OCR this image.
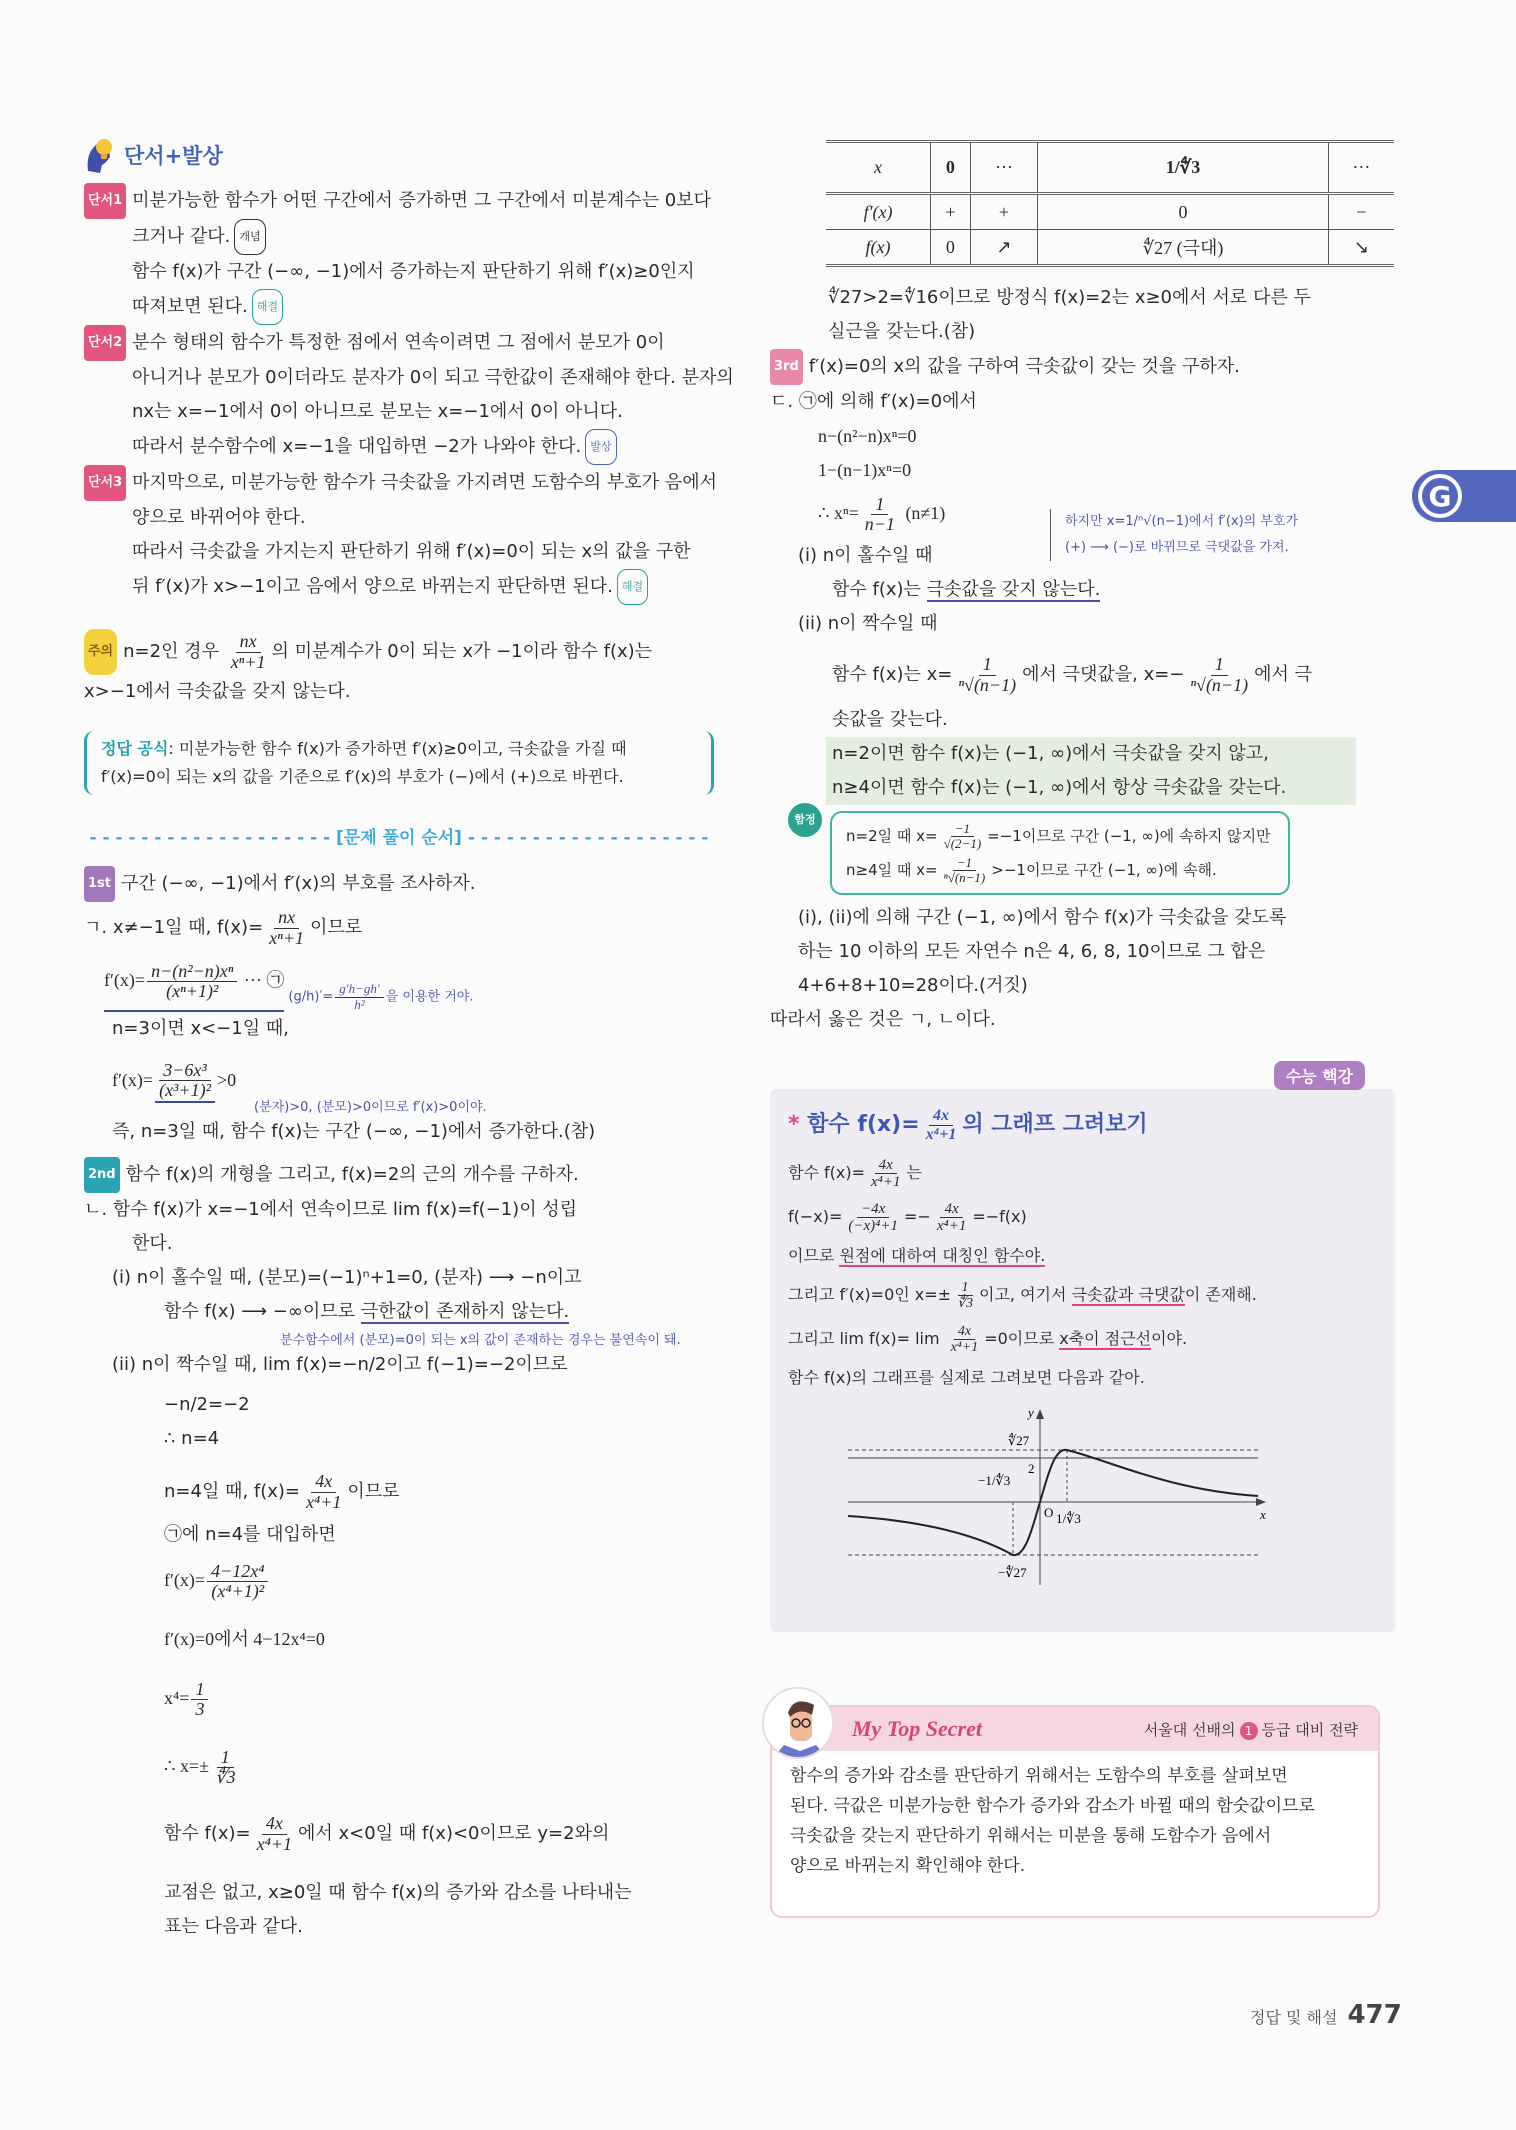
G
단서+발상
단서1 미분가능한 함수가 어떤 구간에서 증가하면 그 구간에서 미분계수는 0보다
크거나 같다. 개념
함수 f(x)가 구간 (−∞, −1)에서 증가하는지 판단하기 위해 f′(x)≥0인지
따져보면 된다. 해결
단서2 분수 형태의 함수가 특정한 점에서 연속이려면 그 점에서 분모가 0이
아니거나 분모가 0이더라도 분자가 0이 되고 극한값이 존재해야 한다. 분자의
nx는 x=−1에서 0이 아니므로 분모는 x=−1에서 0이 아니다.
따라서 분수함수에 x=−1을 대입하면 −2가 나와야 한다. 발상
단서3 마지막으로, 미분가능한 함수가 극솟값을 가지려면 도함수의 부호가 음에서
양으로 바뀌어야 한다.
따라서 극솟값을 가지는지 판단하기 위해 f′(x)=0이 되는 x의 값을 구한
뒤 f′(x)가 x>−1이고 음에서 양으로 바뀌는지 판단하면 된다. 해결
주의 n=2인 경우 $\frac{nx}{\text{xⁿ+1}}$ 의 미분계수가 0이 되는 x가 −1이라 함수 f(x)는
x>−1에서 극솟값을 갖지 않는다.
정답 공식: 미분가능한 함수 f(x)가 증가하면 f′(x)≥0이고, 극솟값을 가질 때
f′(x)=0이 되는 x의 값을 기준으로 f′(x)의 부호가 (−)에서 (+)으로 바뀐다.
- - - - - - - - - - - - - - - - - - - [문제 풀이 순서] - - - - - - - - - - - - - - - - - - -
1st 구간 (−∞, −1)에서 f′(x)의 부호를 조사하자.
ㄱ. x≠−1일 때, $f(x)= \frac{nx}{\text{xⁿ+1}}$ 이므로
$f'(x)= \frac{\text{n−(n²−n)xⁿ}}{\text{(xⁿ+1)²}}$ ··· ㉠
$(g/h)'= \frac{g'h-gh'}{\text{h²}}$ 을 이용한 거야.
n=3이면 x<−1일 때,
$f'(x)= \frac{\text{3−6x³}}{\text{(x³+1)²}} >0$
(분자)>0, (분모)>0이므로 f′(x)>0이야.
즉, n=3일 때, 함수 f(x)는 구간 (−∞, −1)에서 증가한다.(참)
2nd 함수 f(x)의 개형을 그리고, f(x)=2의 근의 개수를 구하자.
ㄴ. 함수 f(x)가 x=−1에서 연속이므로 lim f(x)=f(−1)이 성립
한다.
(i) n이 홀수일 때, (분모)=(−1)ⁿ+1=0, (분자) ⟶ −n이고
함수 f(x) ⟶ −∞이므로 극한값이 존재하지 않는다.
분수함수에서 (분모)=0이 되는 x의 값이 존재하는 경우는 불연속이 돼.
(ii) n이 짝수일 때, lim f(x)=−n/2이고 f(−1)=−2이므로
−n/2=−2
∴ n=4
n=4일 때, $f(x)= \frac{4x}{\text{x⁴+1}}$ 이므로
㉠에 n=4를 대입하면
$f'(x)= \frac{\text{4−12x⁴}}{\text{(x⁴+1)²}}$
f′(x)=0에서 4−12x⁴=0
$x^4= \frac{1}{3}$
∴ $x=\pm \frac{1}{∜3}$
함수 $f(x)= \frac{4x}{\text{x⁴+1}}$ 에서 x<0일 때 f(x)<0이므로 y=2와의
교점은 없고, x≥0일 때 함수 f(x)의 증가와 감소를 나타내는
표는 다음과 같다.
x	0	···	1/∜3	···
f′(x)	+	+	0	−
f(x)	0	↗	∜27 (극대)	↘
∜27>2=∜16이므로 방정식 f(x)=2는 x≥0에서 서로 다른 두
실근을 갖는다.(참)
3rd f′(x)=0의 x의 값을 구하여 극솟값이 갖는 것을 구하자.
ㄷ. ㉠에 의해 f′(x)=0에서
n−(n²−n)xⁿ=0
1−(n−1)xⁿ=0
∴ $x^n= \frac{1}{n-1} (n\ne 1)$	하지만 x=1/ⁿ√(n−1)에서 f′(x)의 부호가
(+) ⟶ (−)로 바뀌므로 극댓값을 가져.
(i) n이 홀수일 때
함수 f(x)는 극솟값을 갖지 않는다.
(ii) n이 짝수일 때
함수 f(x)는 $x= \frac{1}{\text{ⁿ√(n−1)}}$ 에서 극댓값을, $x=- \frac{1}{\text{ⁿ√(n−1)}}$ 에서 극
솟값을 갖는다.
n=2이면 함수 f(x)는 (−1, ∞)에서 극솟값을 갖지 않고,
n≥4이면 함수 f(x)는 (−1, ∞)에서 항상 극솟값을 갖는다.
함정
n=2일 때 $x= \frac{-1}{√(2-1)} =-1$이므로 구간 (−1, ∞)에 속하지 않지만
n≥4일 때 $x= \frac{-1}{\text{ⁿ√(n−1)}} >-1$이므로 구간 (−1, ∞)에 속해.
(i), (ii)에 의해 구간 (−1, ∞)에서 함수 f(x)가 극솟값을 갖도록
하는 10 이하의 모든 자연수 n은 4, 6, 8, 10이므로 그 합은
4+6+8+10=28이다.(거짓)
따라서 옳은 것은 ㄱ, ㄴ이다.
수능 핵강
* 함수 $f(x)= \frac{4x}{\text{x⁴+1}}$ 의 그래프 그려보기
함수 $f(x)= \frac{4x}{\text{x⁴+1}}$ 는
$f(-x)= \frac{-4x}{\text{(−x)⁴+1}} =- \frac{4x}{\text{x⁴+1}} =-f(x)$
이므로 원점에 대하여 대칭인 함수야.
그리고 f′(x)=0인 $x=\pm \frac{1}{∜3}$ 이고, 여기서 극솟값과 극댓값이 존재해.
그리고 $\lim f(x)= \lim \frac{4x}{\text{x⁴+1}} =0$이므로 x축이 점근선이야.
함수 f(x)의 그래프를 실제로 그려보면 다음과 같아.
y
x
∜27
2
−1/∜3
O 1/∜3
−∜27
My Top Secret	서울대 선배의 1 등급 대비 전략
함수의 증가와 감소를 판단하기 위해서는 도함수의 부호를 살펴보면
된다. 극값은 미분가능한 함수가 증가와 감소가 바뀔 때의 함숫값이므로
극솟값을 갖는지 판단하기 위해서는 미분을 통해 도함수가 음에서
양으로 바뀌는지 확인해야 한다.
정답 및 해설 477
